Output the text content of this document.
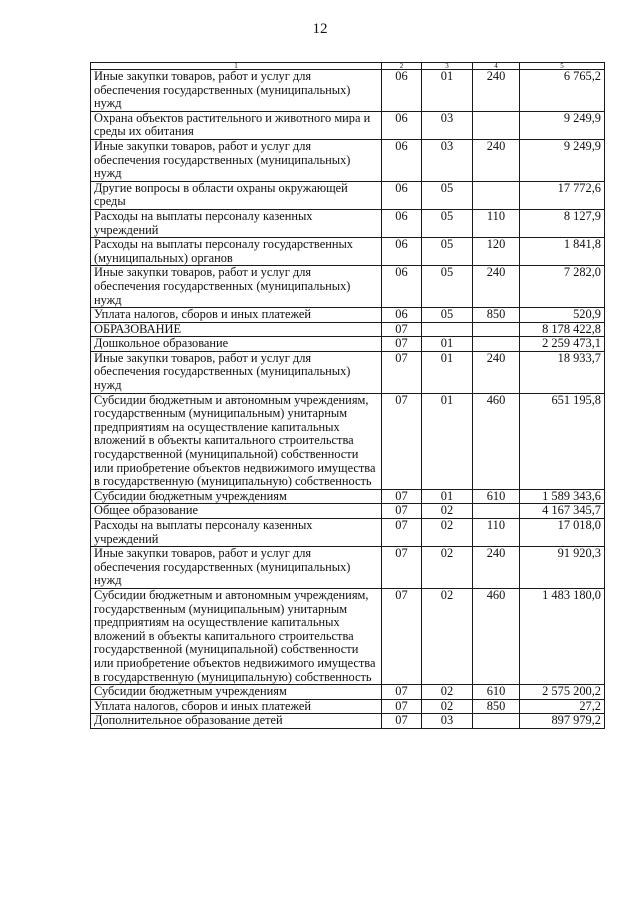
12
1	2	3	4	5
Иные закупки товаров, работ и услуг для обеспечения государственных (муниципальных) нужд	06	01	240	6 765,2
Охрана объектов растительного и животного мира и среды их обитания	06	03		9 249,9
Иные закупки товаров, работ и услуг для обеспечения государственных (муниципальных) нужд	06	03	240	9 249,9
Другие вопросы в области охраны окружающей среды	06	05		17 772,6
Расходы на выплаты персоналу казенных учреждений	06	05	110	8 127,9
Расходы на выплаты персоналу государственных (муниципальных) органов	06	05	120	1 841,8
Иные закупки товаров, работ и услуг для обеспечения государственных (муниципальных) нужд	06	05	240	7 282,0
Уплата налогов, сборов и иных платежей	06	05	850	520,9
ОБРАЗОВАНИЕ	07			8 178 422,8
Дошкольное образование	07	01		2 259 473,1
Иные закупки товаров, работ и услуг для обеспечения государственных (муниципальных) нужд	07	01	240	18 933,7
Субсидии бюджетным и автономным учреждениям, государственным (муниципальным) унитарным предприятиям на осуществление капитальных вложений в объекты капитального строительства государственной (муниципальной) собственности или приобретение объектов недвижимого имущества в государственную (муниципальную) собственность	07	01	460	651 195,8
Субсидии бюджетным учреждениям	07	01	610	1 589 343,6
Общее образование	07	02		4 167 345,7
Расходы на выплаты персоналу казенных учреждений	07	02	110	17 018,0
Иные закупки товаров, работ и услуг для обеспечения государственных (муниципальных) нужд	07	02	240	91 920,3
Субсидии бюджетным и автономным учреждениям, государственным (муниципальным) унитарным предприятиям на осуществление капитальных вложений в объекты капитального строительства государственной (муниципальной) собственности или приобретение объектов недвижимого имущества в государственную (муниципальную) собственность	07	02	460	1 483 180,0
Субсидии бюджетным учреждениям	07	02	610	2 575 200,2
Уплата налогов, сборов и иных платежей	07	02	850	27,2
Дополнительное образование детей	07	03		897 979,2
